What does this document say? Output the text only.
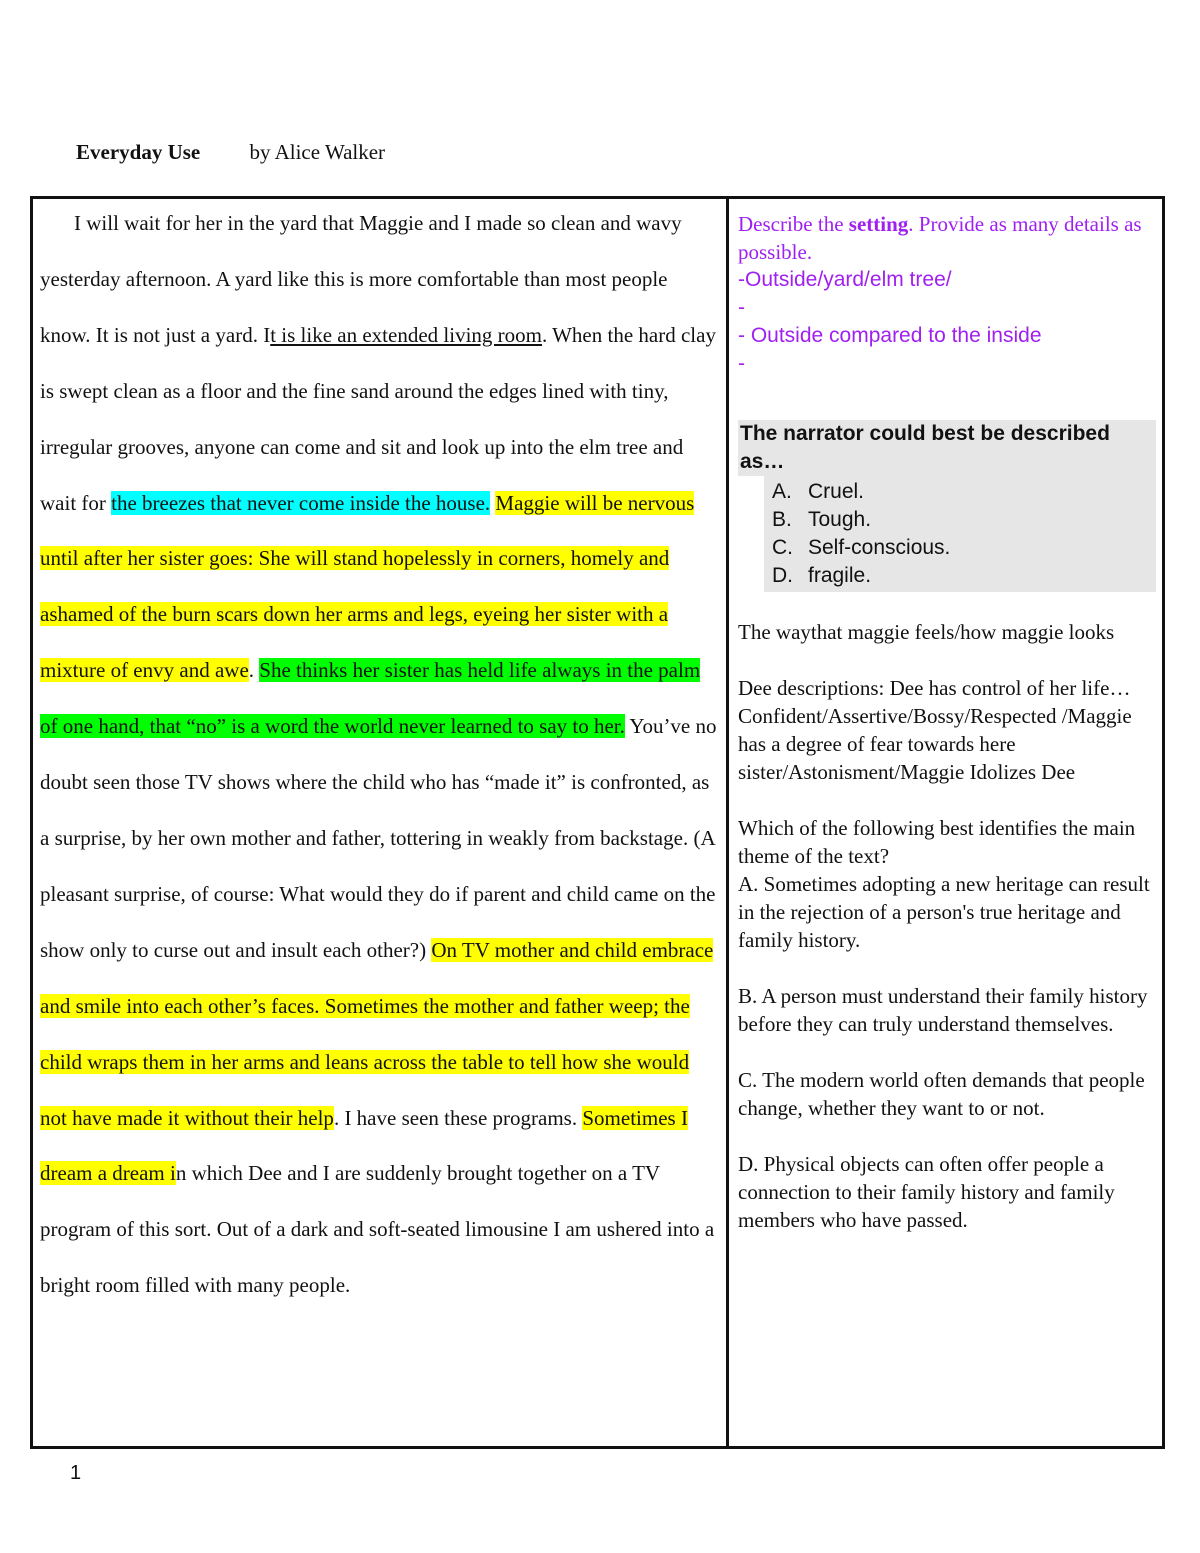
Everyday Use by Alice Walker

I will wait for her in the yard that Maggie and I made so clean and wavy yesterday afternoon. A yard like this is more comfortable than most people know. It is not just a yard. It is like an extended living room. When the hard clay is swept clean as a floor and the fine sand around the edges lined with tiny, irregular grooves, anyone can come and sit and look up into the elm tree and wait for the breezes that never come inside the house. Maggie will be nervous until after her sister goes: She will stand hopelessly in corners, homely and ashamed of the burn scars down her arms and legs, eyeing her sister with a mixture of envy and awe. She thinks her sister has held life always in the palm of one hand, that “no” is a word the world never learned to say to her. You’ve no doubt seen those TV shows where the child who has “made it” is confronted, as a surprise, by her own mother and father, tottering in weakly from backstage. (A pleasant surprise, of course: What would they do if parent and child came on the show only to curse out and insult each other?) On TV mother and child embrace and smile into each other’s faces. Sometimes the mother and father weep; the child wraps them in her arms and leans across the table to tell how she would not have made it without their help. I have seen these programs. Sometimes I dream a dream in which Dee and I are suddenly brought together on a TV program of this sort. Out of a dark and soft-seated limousine I am ushered into a bright room filled with many people.

Describe the setting. Provide as many details as possible.

-Outside/yard/elm tree/

-

- Outside compared to the inside

-

The narrator could best be described as…
A. Cruel.
B. Tough.
C. Self-conscious.
D. fragile.

The waythat maggie feels/how maggie looks

Dee descriptions: Dee has control of her life…Confident/Assertive/Bossy/Respected /Maggie has a degree of fear towards here sister/Astonisment/Maggie Idolizes Dee

Which of the following best identifies the main theme of the text?

A. Sometimes adopting a new heritage can result in the rejection of a person's true heritage and family history.

B. A person must understand their family history before they can truly understand themselves.

C. The modern world often demands that people change, whether they want to or not.

D. Physical objects can often offer people a connection to their family history and family members who have passed.

1
